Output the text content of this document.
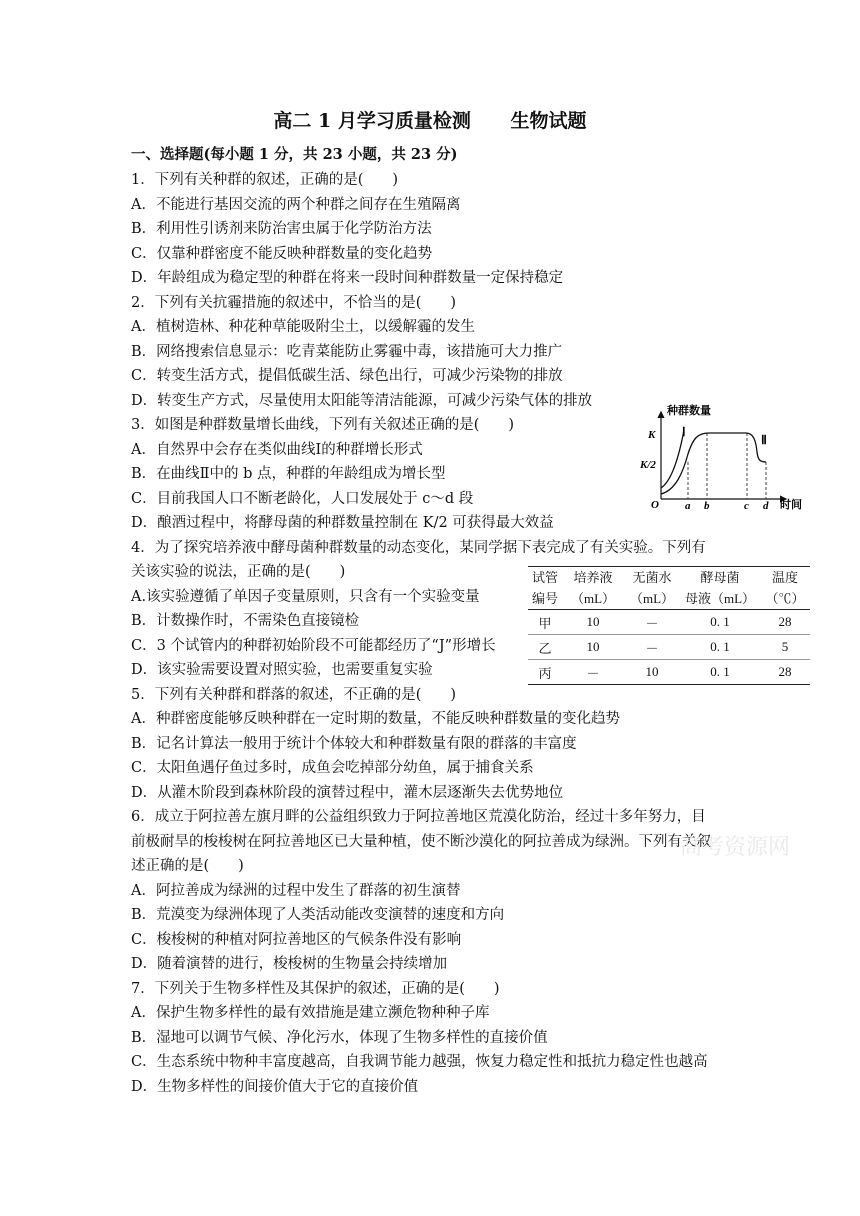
高二 1 月学习质量检测      生物试题
一、选择题(每小题 1 分，共 23 小题，共 23 分)
1．下列有关种群的叙述，正确的是(　　)
A．不能进行基因交流的两个种群之间存在生殖隔离
B．利用性引诱剂来防治害虫属于化学防治方法
C．仅靠种群密度不能反映种群数量的变化趋势
D．年龄组成为稳定型的种群在将来一段时间种群数量一定保持稳定
2．下列有关抗霾措施的叙述中，不恰当的是(　　)
A．植树造林、种花种草能吸附尘土，以缓解霾的发生
B．网络搜索信息显示：吃青菜能防止雾霾中毒，该措施可大力推广
C．转变生活方式，提倡低碳生活、绿色出行，可减少污染物的排放
D．转变生产方式，尽量使用太阳能等清洁能源，可减少污染气体的排放
3．如图是种群数量增长曲线，下列有关叙述正确的是(　　)
A．自然界中会存在类似曲线Ⅰ的种群增长形式
B．在曲线Ⅱ中的 b 点，种群的年龄组成为增长型
C．目前我国人口不断老龄化，人口发展处于 c～d 段
D．酿酒过程中，将酵母菌的种群数量控制在 K/2 可获得最大效益
4．为了探究培养液中酵母菌种群数量的动态变化，某同学据下表完成了有关实验。下列有
关该实验的说法，正确的是(　　)
A.该实验遵循了单因子变量原则，只含有一个实验变量
B．计数操作时，不需染色直接镜检
C．3 个试管内的种群初始阶段不可能都经历了“J”形增长
D．该实验需要设置对照实验，也需要重复实验
5．下列有关种群和群落的叙述，不正确的是(　　)
A．种群密度能够反映种群在一定时期的数量，不能反映种群数量的变化趋势
B．记名计算法一般用于统计个体较大和种群数量有限的群落的丰富度
C．太阳鱼遇仔鱼过多时，成鱼会吃掉部分幼鱼，属于捕食关系
D．从灌木阶段到森林阶段的演替过程中，灌木层逐渐失去优势地位
6．成立于阿拉善左旗月畔的公益组织致力于阿拉善地区荒漠化防治，经过十多年努力，目
前极耐旱的梭梭树在阿拉善地区已大量种植，使不断沙漠化的阿拉善成为绿洲。下列有关叙
述正确的是(　　)
A．阿拉善成为绿洲的过程中发生了群落的初生演替
B．荒漠变为绿洲体现了人类活动能改变演替的速度和方向
C．梭梭树的种植对阿拉善地区的气候条件没有影响
D．随着演替的进行，梭梭树的生物量会持续增加
7．下列关于生物多样性及其保护的叙述，正确的是(　　)
A．保护生物多样性的最有效措施是建立濒危物种种子库
B．湿地可以调节气候、净化污水，体现了生物多样性的直接价值
C．生态系统中物种丰富度越高，自我调节能力越强，恢复力稳定性和抵抗力稳定性也越高
D．生物多样性的间接价值大于它的直接价值
高考资源网
种群数量
时间
K
K/2
O a b	c d
Ⅰ
Ⅱ
试管	培养液	无菌水	酵母菌	温度
编号	（mL）	（mL）	母液（mL）	（℃）
甲	10	－	0. 1	28
乙	10	－	0. 1	5
丙	－	10	0. 1	28
